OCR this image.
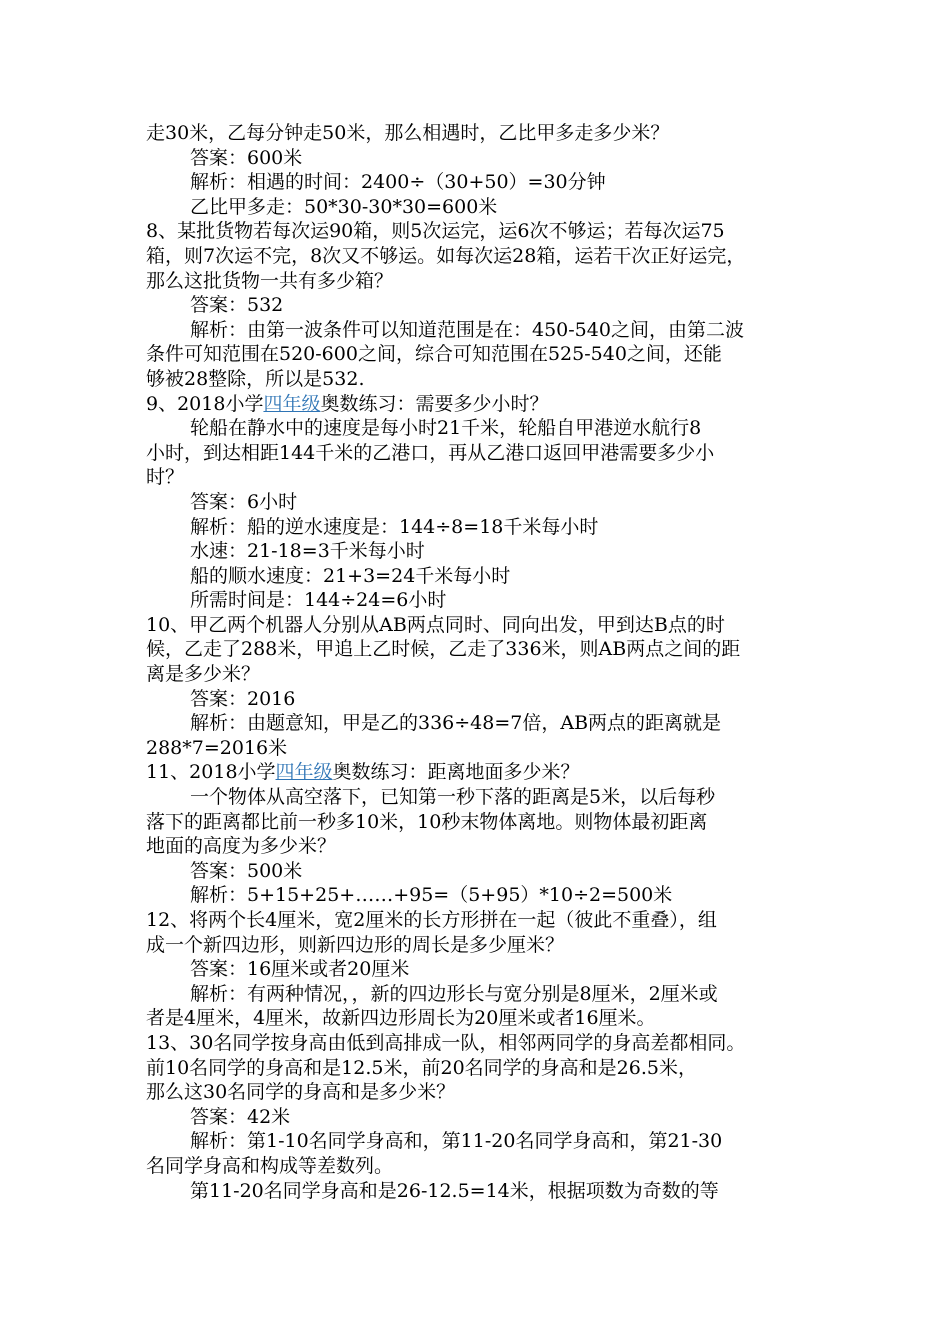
走30米，乙每分钟走50米，那么相遇时，乙比甲多走多少米？
答案：600米
解析：相遇的时间：2400÷（30+50）=30分钟
乙比甲多走：50*30-30*30=600米
8、某批货物若每次运90箱，则5次运完，运6次不够运；若每次运75
箱，则7次运不完，8次又不够运。如每次运28箱，运若干次正好运完，
那么这批货物一共有多少箱？
答案：532
解析：由第一波条件可以知道范围是在：450-540之间，由第二波
条件可知范围在520-600之间，综合可知范围在525-540之间，还能
够被28整除，所以是532.
9、2018小学四年级奥数练习：需要多少小时？
轮船在静水中的速度是每小时21千米，轮船自甲港逆水航行8
小时，到达相距144千米的乙港口，再从乙港口返回甲港需要多少小
时？
答案：6小时
解析：船的逆水速度是：144÷8=18千米每小时
水速：21-18=3千米每小时
船的顺水速度：21+3=24千米每小时
所需时间是：144÷24=6小时
10、甲乙两个机器人分别从AB两点同时、同向出发，甲到达B点的时
候，乙走了288米，甲追上乙时候，乙走了336米，则AB两点之间的距
离是多少米？
答案：2016
解析：由题意知，甲是乙的336÷48=7倍，AB两点的距离就是
288*7=2016米
11、2018小学四年级奥数练习：距离地面多少米？
一个物体从高空落下，已知第一秒下落的距离是5米，以后每秒
落下的距离都比前一秒多10米，10秒末物体离地。则物体最初距离
地面的高度为多少米？
答案：500米
解析：5+15+25+……+95=（5+95）*10÷2=500米
12、将两个长4厘米，宽2厘米的长方形拼在一起（彼此不重叠），组
成一个新四边形，则新四边形的周长是多少厘米？
答案：16厘米或者20厘米
解析：有两种情况，，新的四边形长与宽分别是8厘米，2厘米或
者是4厘米，4厘米，故新四边形周长为20厘米或者16厘米。
13、30名同学按身高由低到高排成一队，相邻两同学的身高差都相同。
前10名同学的身高和是12.5米，前20名同学的身高和是26.5米，
那么这30名同学的身高和是多少米？
答案：42米
解析：第1-10名同学身高和，第11-20名同学身高和，第21-30
名同学身高和构成等差数列。
第11-20名同学身高和是26-12.5=14米，根据项数为奇数的等
